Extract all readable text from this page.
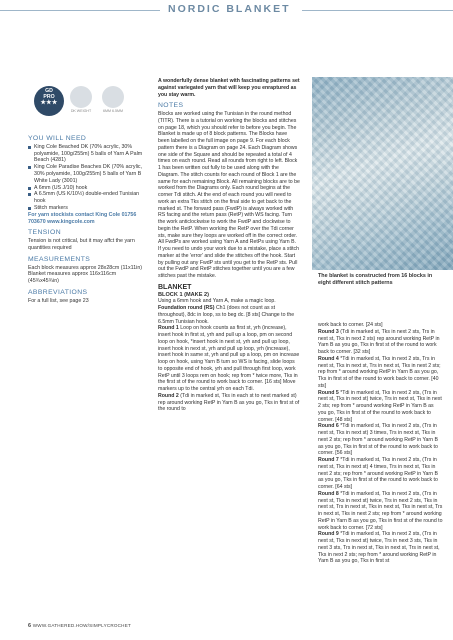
NORDIC BLANKET
GD
PRO
★★★
DK WEIGHT	6MM 6.5MM
YOU WILL NEED
King Cole Beached DK (70% acrylic, 30% polyamide, 100g/255m) 5 balls of Yarn A Palm Beach (4281)
King Cole Paradise Beaches DK (70% acrylic, 30% polyamide, 100g/255m) 5 balls of Yarn B White Lady (3001)
A 6mm (US J/10) hook
A 6.5mm (US K/10½) double-ended Tunisian hook
Stitch markers
For yarn stockists contact King Cole 01756 703670 www.kingcole.com
TENSION
Tension is not critical, but it may affct the yarn quantities required
MEASUREMENTS
Each block measures approx 28x28cm (11x11in) Blanket measures approx 116x116cm (45¾x45¾in)
ABBREVIATIONS
For a full list, see page 23
A wonderfully dense blanket with fascinating patterns set against variegated yarn that will keep you enraptured as you stay warm.
NOTES
Blocks are worked using the Tunisian in the round method (TITR). There is a tutorial on working the blocks and stitches on page 18, which you should refer to before you begin. The Blanket is made up of 8 block patterns. The Blocks have been labelled on the full image on page 9. For each block pattern there is a Diagram on page 24. Each Diagram shows one side of the Square and should be repeated a total of 4 times on each round. Read all rounds from right to left. Block 1 has been written out fully to be used along with the Diagram. The stitch counts for each round of Block 1 are the same for each remaining Block. All remaining blocks are to be worked from the Diagrams only. Each round begins at the corner Tdi stitch. At the end of each round you will need to work an extra Tks stitch on the final side to get back to the marked st. The forward pass (FwdP) is always worked with RS facing and the return pass (RetP) with WS facing. Turn the work anticlockwise to work the FwdP and clockwise to begin the RetP. When working the RetP over the Tdi corner sts, make sure they loops are worked off in the correct order. All FwdPs are worked using Yarn A and RetPs using Yarn B. If you need to undo your work due to a mistake, place a stitch marker at the 'error' and slide the stitches off the hook. Start by pulling out any FwdP sts until you get to the RetP sts. Pull out the FwdP and RetP stitches together until you are a few stitches past the mistake.
BLANKET
BLOCK 1 (MAKE 2)
Using a 6mm hook and Yarn A, make a magic loop.
Foundation round (RS) Ch1 (does not count as st throughout), 8dc in loop, ss to beg dc. [8 sts] Change to the 6.5mm Tunisian hook.
Round 1 Loop on hook counts as first st, yrh (increase), insert hook in first st, yrh and pull up a loop, pm on second loop on hook, *insert hook in next st, yrh and pull up loop, insert hook in next st, yrh and pull up loop, yrh (increase), insert hook in same st, yrh and pull up a loop, pm on increase loop on hook, using Yarn B turn so WS is facing, slide loops to opposite end of hook, yrh and pull through first loop, work RetP until 3 loops rem on hook; rep from * twice more, Tks in the first st of the round to work back to corner. [16 sts] Move markers up to the central yrh on each Tdi.
Round 2 (Tdi in marked st, Tks in each st to next marked st) rep around working RetP in Yarn B as you go, Tks in first st of the round to
The blanket is constructed from 16 blocks in eight different stitch patterns
work back to corner. [24 sts]
Round 3 (Tdi in marked st, Tks in next 2 sts, Trs in next st, Tks in next 2 sts) rep around working RetP in Yarn B as you go, Tks in first st of the round to work back to corner. [32 sts]
Round 4 *Tdi in marked st, Tks in next 2 sts, Trs in next st, Tks in next st, Trs in next st, Tks in next 2 sts; rep from * around working RetP in Yarn B as you go, Tks in first st of the round to work back to corner. [40 sts]
Round 5 *Tdi in marked st, Tks in next 2 sts, (Trs in next st, Tks in next st) twice, Trs in next st, Tks in next 2 sts; rep from * around working RetP in Yarn B as you go, Tks in first st of the round to work back to corner. [48 sts]
Round 6 *Tdi in marked st, Tks in next 2 sts, (Trs in next st, Tks in next st) 3 times, Trs in next st, Tks in next 2 sts; rep from * around working RetP in Yarn B as you go, Tks in first st of the round to work back to corner. [56 sts]
Round 7 *Tdi in marked st, Tks in next 2 sts, (Trs in next st, Tks in next st) 4 times, Trs in next st, Tks in next 2 sts; rep from * around working RetP in Yarn B as you go, Tks in first st of the round to work back to corner. [64 sts]
Round 8 *Tdi in marked st, Tks in next 2 sts, (Trs in next st, Tks in next st) twice, Trs in next 2 sts, Tks in next st, Trs in next st, Tks in next st, Tks in next st, Trs in next st, Tks in next 2 sts; rep from * around working RetP in Yarn B as you go, Tks in first st of the round to work back to corner. [72 sts]
Round 9 *Tdi in marked st, Tks in next 2 sts, (Trs in next st, Tks in next st) twice, Trs in next 3 sts, Tks in next 3 sts, Trs in next st, Tks in next st, Trs in next st, Tks in next 2 sts; rep from * around working RetP in Yarn B as you go, Tks in first st
6 WWW.GATHERED.HOW/SIMPLYCROCHET
